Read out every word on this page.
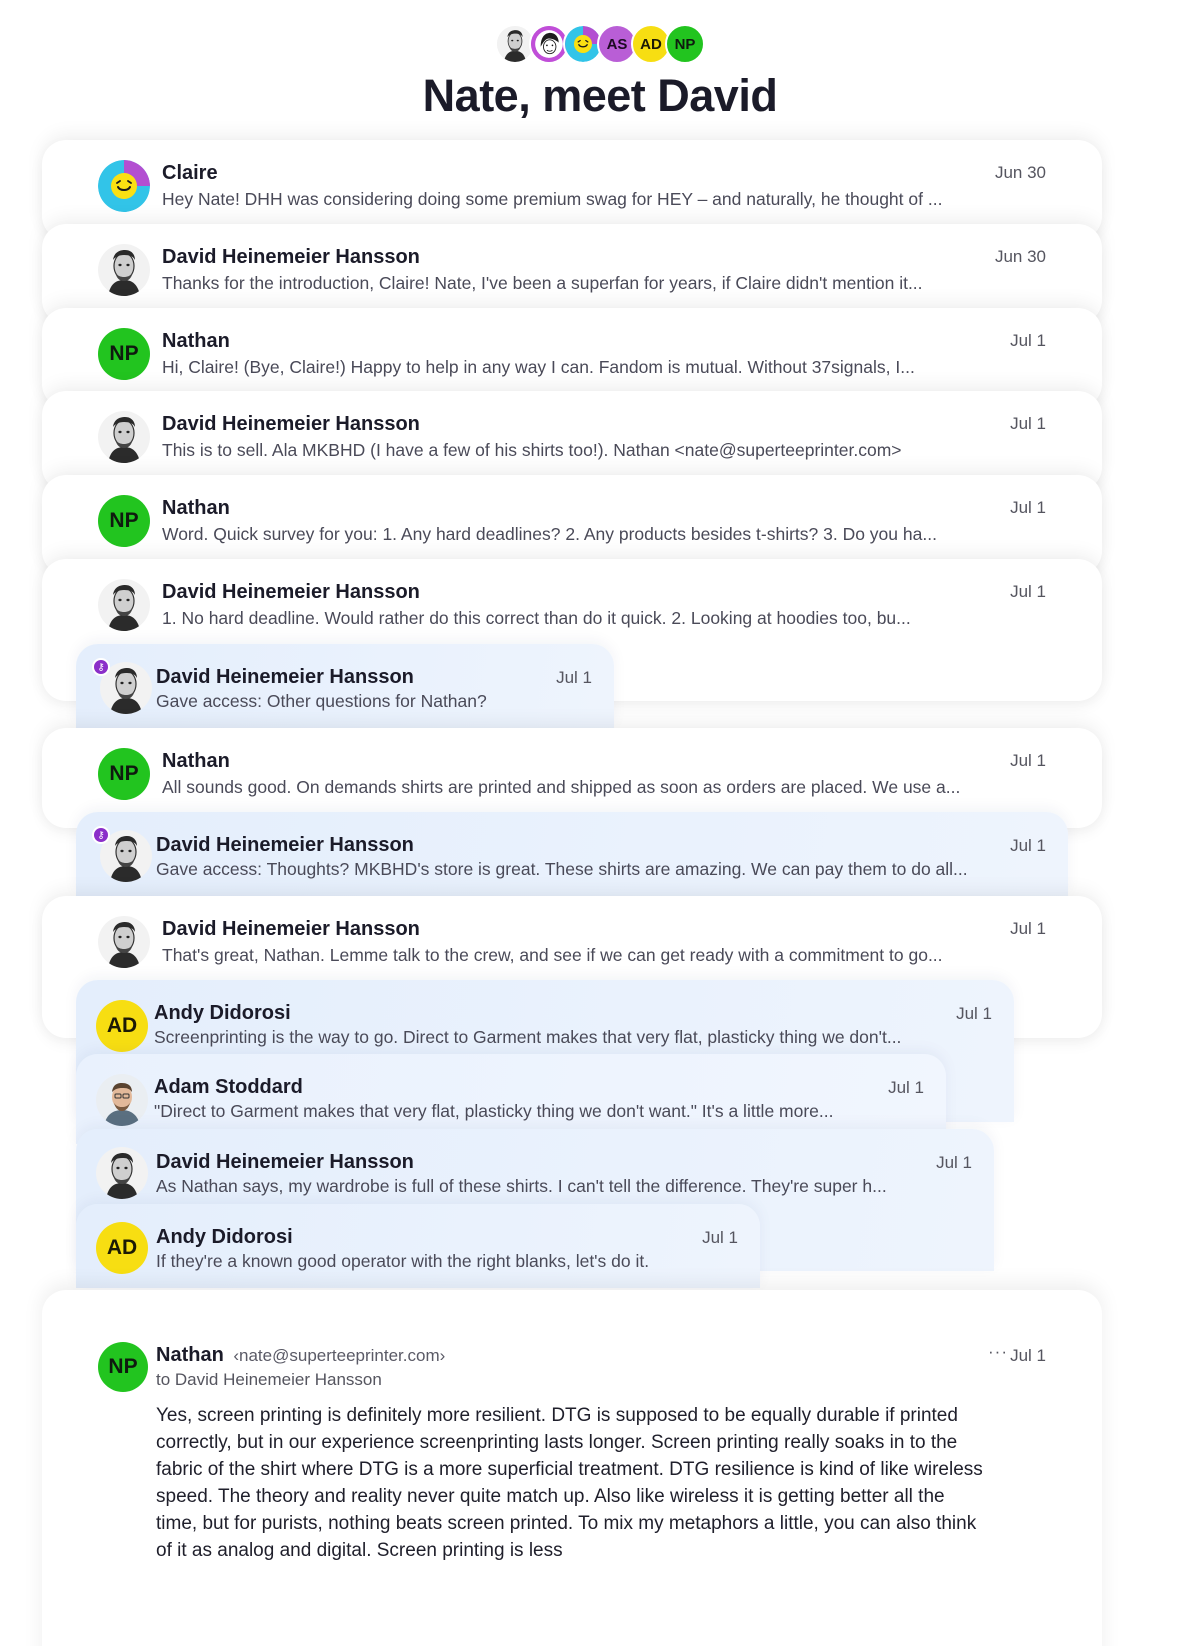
AS AD NP
Nate, meet David
Claire
Hey Nate! DHH was considering doing some premium swag for HEY – and naturally, he thought of ...
Jun 30
David Heinemeier Hansson
Thanks for the introduction, Claire! Nate, I've been a superfan for years, if Claire didn't mention it...
Jun 30
NP
Nathan
Hi, Claire! (Bye, Claire!) Happy to help in any way I can. Fandom is mutual. Without 37signals, I...
Jul 1
David Heinemeier Hansson
This is to sell. Ala MKBHD (I have a few of his shirts too!). Nathan <nate@superteeprinter.com>
Jul 1
NP
Nathan
Word. Quick survey for you: 1. Any hard deadlines? 2. Any products besides t-shirts? 3. Do you ha...
Jul 1
David Heinemeier Hansson
1. No hard deadline. Would rather do this correct than do it quick. 2. Looking at hoodies too, bu...
Jul 1
⚷	David Heinemeier Hansson
Gave access: Other questions for Nathan?
Jul 1
NP
Nathan
All sounds good. On demands shirts are printed and shipped as soon as orders are placed. We use a...
Jul 1
⚷	David Heinemeier Hansson
Gave access: Thoughts? MKBHD's store is great. These shirts are amazing. We can pay them to do all...
Jul 1
David Heinemeier Hansson
That's great, Nathan. Lemme talk to the crew, and see if we can get ready with a commitment to go...
Jul 1
AD
Andy Didorosi
Screenprinting is the way to go. Direct to Garment makes that very flat, plasticky thing we don't...
Jul 1
Adam Stoddard
"Direct to Garment makes that very flat, plasticky thing we don't want." It's a little more...
Jul 1
David Heinemeier Hansson
As Nathan says, my wardrobe is full of these shirts. I can't tell the difference. They're super h...
Jul 1
AD Andy Didorosi
If they're a known good operator with the right blanks, let's do it.
Jul 1
NP Nathan ‹nate@superteeprinter.com›
to David Heinemeier Hansson
··· Jul 1
Yes, screen printing is definitely more resilient. DTG is supposed to be equally durable if printed correctly, but in our experience screenprinting lasts longer. Screen printing really soaks in to the fabric of the shirt where DTG is a more superficial treatment. DTG resilience is kind of like wireless speed. The theory and reality never quite match up. Also like wireless it is getting better all the time, but for purists, nothing beats screen printed. To mix my metaphors a little, you can also think of it as analog and digital. Screen printing is less
